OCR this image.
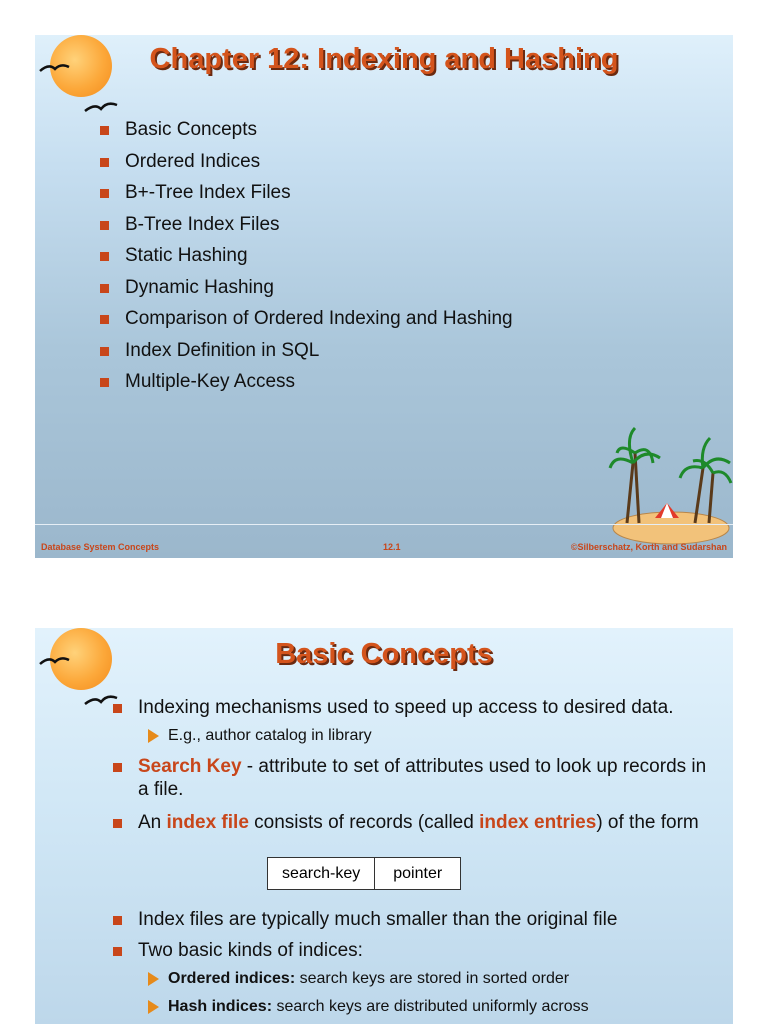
Chapter 12: Indexing and Hashing
Basic Concepts
Ordered Indices
B+-Tree Index Files
B-Tree Index Files
Static Hashing
Dynamic Hashing
Comparison of Ordered Indexing and Hashing
Index Definition in SQL
Multiple-Key Access
Database System Concepts	12.1	©Silberschatz, Korth and Sudarshan
Basic Concepts
Indexing mechanisms used to speed up access to desired data.
E.g., author catalog in library
Search Key - attribute to set of attributes used to look up records in a file.
An index file consists of records (called index entries) of the form
Index files are typically much smaller than the original file
Two basic kinds of indices:
Ordered indices: search keys are stored in sorted order
Hash indices: search keys are distributed uniformly across
search-key	pointer
